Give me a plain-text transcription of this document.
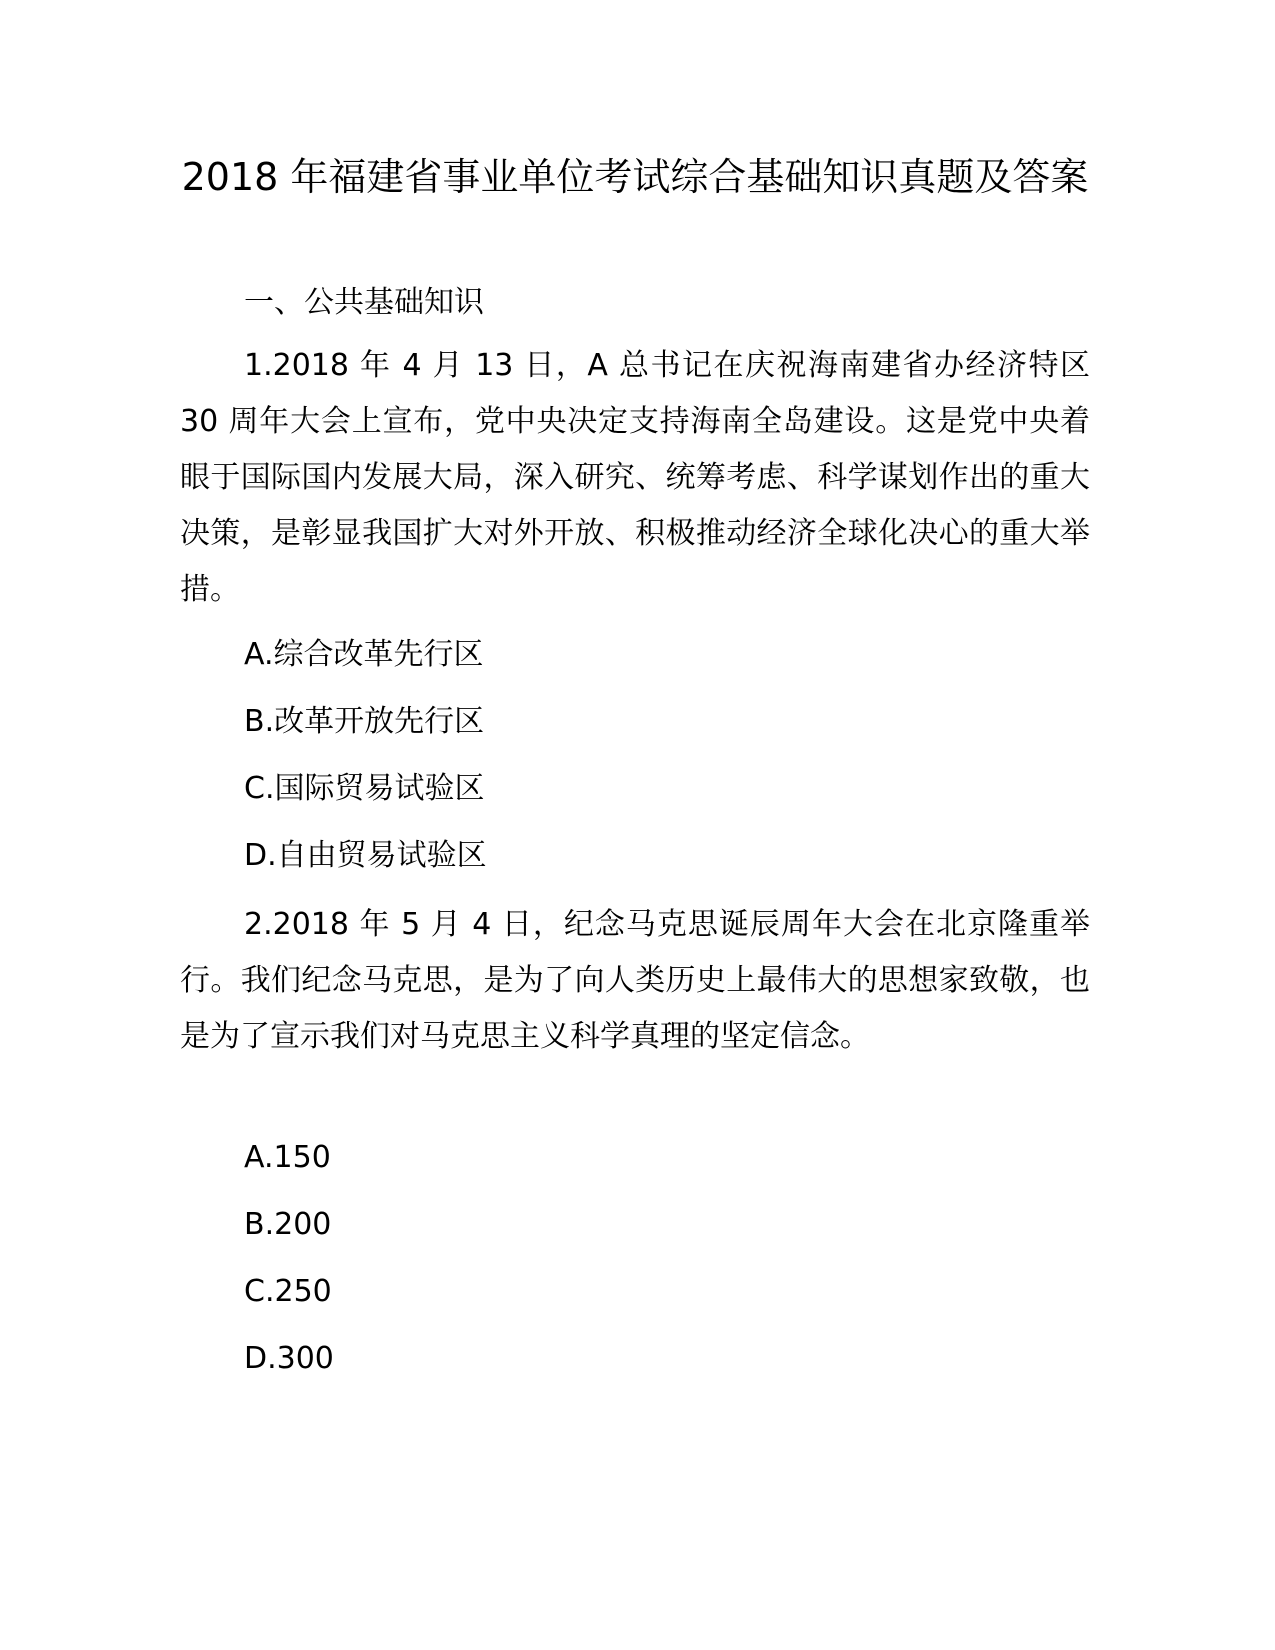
2018 年福建省事业单位考试综合基础知识真题及答案
一、公共基础知识

1.2018 年 4 月 13 日，A 总书记在庆祝海南建省办经济特区 30 周年大会上宣布，党中央决定支持海南全岛建设。这是党中央着眼于国际国内发展大局，深入研究、统筹考虑、科学谋划作出的重大决策，是彰显我国扩大对外开放、积极推动经济全球化决心的重大举措。

A.综合改革先行区

B.改革开放先行区

C.国际贸易试验区

D.自由贸易试验区

2.2018 年 5 月 4 日，纪念马克思诞辰周年大会在北京隆重举行。我们纪念马克思，是为了向人类历史上最伟大的思想家致敬，也是为了宣示我们对马克思主义科学真理的坚定信念。

A.150

B.200

C.250

D.300
